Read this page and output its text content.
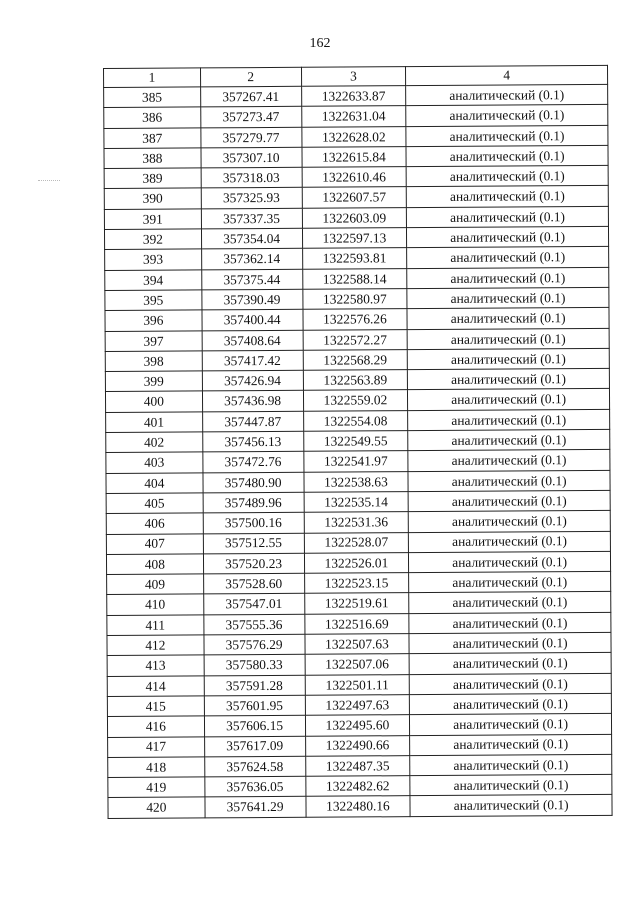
162
1	2	3	4
385	357267.41	1322633.87	аналитический (0.1)
386	357273.47	1322631.04	аналитический (0.1)
387	357279.77	1322628.02	аналитический (0.1)
388	357307.10	1322615.84	аналитический (0.1)
389	357318.03	1322610.46	аналитический (0.1)
390	357325.93	1322607.57	аналитический (0.1)
391	357337.35	1322603.09	аналитический (0.1)
392	357354.04	1322597.13	аналитический (0.1)
393	357362.14	1322593.81	аналитический (0.1)
394	357375.44	1322588.14	аналитический (0.1)
395	357390.49	1322580.97	аналитический (0.1)
396	357400.44	1322576.26	аналитический (0.1)
397	357408.64	1322572.27	аналитический (0.1)
398	357417.42	1322568.29	аналитический (0.1)
399	357426.94	1322563.89	аналитический (0.1)
400	357436.98	1322559.02	аналитический (0.1)
401	357447.87	1322554.08	аналитический (0.1)
402	357456.13	1322549.55	аналитический (0.1)
403	357472.76	1322541.97	аналитический (0.1)
404	357480.90	1322538.63	аналитический (0.1)
405	357489.96	1322535.14	аналитический (0.1)
406	357500.16	1322531.36	аналитический (0.1)
407	357512.55	1322528.07	аналитический (0.1)
408	357520.23	1322526.01	аналитический (0.1)
409	357528.60	1322523.15	аналитический (0.1)
410	357547.01	1322519.61	аналитический (0.1)
411	357555.36	1322516.69	аналитический (0.1)
412	357576.29	1322507.63	аналитический (0.1)
413	357580.33	1322507.06	аналитический (0.1)
414	357591.28	1322501.11	аналитический (0.1)
415	357601.95	1322497.63	аналитический (0.1)
416	357606.15	1322495.60	аналитический (0.1)
417	357617.09	1322490.66	аналитический (0.1)
418	357624.58	1322487.35	аналитический (0.1)
419	357636.05	1322482.62	аналитический (0.1)
420	357641.29	1322480.16	аналитический (0.1)
